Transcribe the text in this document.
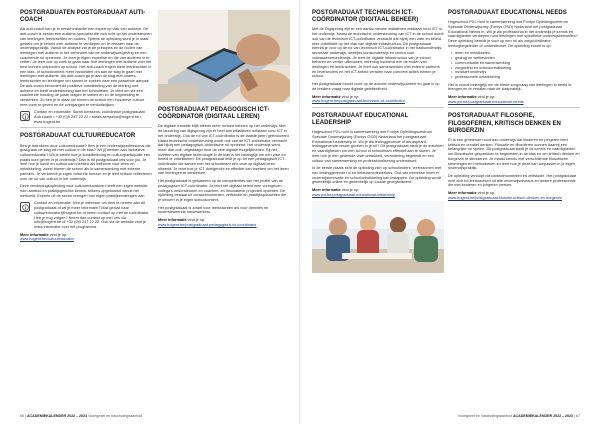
POSTGRADUATEN POSTGRADUAAT AUTI-COACH

Als auti-coach ben je in eerste instantie een expert op vlak van autisme. De auti-coach is eerder een autisme-specialist die zich richt op het ondersteunen van leerlingen, leerkrachten en ouders. Tijdens de opleiding word je in staat gesteld om je kennis over autisme te verdiepen en te vertalen naar de onderwijspraktijk. Vanuit de analyse zal je de principes en de noden van leerlingen met autisme in het verbinden van de onderwijsomgeving en een coachende rol opnemen. Je leert je eigen expertise en die van anderen in te zetten. Je leert ook op zoek te gaan naar hoe leerlingen met autisme zich het best kunnen ontplooien op school. Het auti-coach traject biedt leerkrachten in een klas- of schoolcontext meer handvaten om aan de slag te gaan met leerlingen met autisme. Als auti-coach ga je aan de slag met ouders, leerkrachten en leerlingen om samen te zoeken naar een passende aanpak. De auti-coach bevordert de positieve ontwikkeling van de leerling met autisme en biedt ondersteuning aan het schoolteam. Je leert om via een coachende houding de juiste vragen te stellen en zo de begeleiding te versterken. Zo ben je in staat om binnen de school een inclusieve cultuur mee vorm te geven en de overgangen te verduidelijken.

Contact en informatie: Sarah Aerssens, coördinator postgraduaat Auti-coach • +32 (0)9 247 22 22 • sarah.aerssens@hogent.be • www.hogent.be

POSTGRADUAAT CULTUUREDUCATOR

Ben je betrokken door cultuureducatie? Ben je een onderwijsprofessional die graag aan de slag wil met cultuur in de klas? Wil jij werken aan inclusieve cultuureducatie? Wil je weten hoe je kunstbeleving en cultuurparticipatie een plaats kunt geven in je onderwijs? Dan is dit postgraduaat iets voor jou. Je leert hoe je kunst en cultuur kan inzetten als hefboom voor leren en ontwikkeling, zowel binnen de school als in samenwerking met externe partners. Je verbreedt je eigen culturele horizon en je leert kritisch reflecteren over de rol van cultuur in het onderwijs.

Deze verdiepingsopleiding voor cultuureducatoren heeft een eigen website: ruim aanbod en praktijkgerichte kennis, telkens opgebouwd vanuit het werkveld. Experts uit de sector brengen hun eigen praktijkervaringen aan.

Contact en informatie: Heb je interesse om deel te nemen aan dit postgraduaat of wil je meer informatie? Mail gerust naar cultuureducator@hogent.be of neem contact op met de coördinator. Heb je nog vragen? Neem dan contact op met ons via info@hogent.be of +32 (0)9 247 22 22. Ook via de website vind je extra informatie over het programma.

Meer informatie vind je op:
www.hogent.be/cultuureducator
POSTGRADUAAT PEDAGOGISCH ICT-COÖRDINATOR (DIGITAAL LEREN)

De digitale transitie blijft steeds meer invloed hebben op het onderwijs. Met de lancering van digisprong zijn er heel wat initiatieven ontstaan rond ICT in het onderwijs. Ook de rol van ICT-coördinator is de laatste jaren geëvolueerd. Naast technische ondersteuning wordt ook van de ICT-coördinator verwacht dat hij/zij een pedagogisch-didactische rol opneemt. Het onderwijs werd, meer dan ooit, uitgedaagd door de vele digitale mogelijkheden. Bij het inzetten van digitale technologie in de klas is het belangrijk om een visie en beleid te ontwikkelen. Dit postgraduaat leidt je op tot een pedagogisch ICT-coördinator die samen met het schoolteam een visie op digitaal leren uitwerkt. Je leert hoe je ICT doelgericht en effectief kan inzetten om het leren van leerlingen te versterken.

Het postgraduaat is gebaseerd op de competenties van het profiel van de pedagogisch ICT-coördinator. Je leert het digitaal beleid mee vormgeven, collega's ondersteunen en coachen, en innovatieve projecten opzetten. De opleiding bestaat uit contactmomenten, zelfstudie en praktijkopdrachten die je uitvoert in je eigen schoolcontext.

Het postgraduaat is zowel voor leerkrachten als voor directies en ondersteunende medewerkers.

Meer informatie vind je op:
www.hogent.be/postgraduaat-pedagogisch-ict-coordinator
POSTGRADUAAT TECHNISCH ICT-COÖRDINATOR (DIGITAAL BEHEER)

Met de Digisprong zijn er een aantal nieuwe initiatieven ontstaan rond ICT in het onderwijs. Naast de technische ondersteuning van ICT in de school wordt ook van de technisch ICT-coördinator verwacht dat hij/zij een visie en beleid mee ontwikkelt op het vlak van digitale infrastructuur. Dit postgraduaat bereidt je voor op de rol van technisch ICT-coördinator in het basisonderwijs, secundair onderwijs, deeltijds kunstonderwijs en centra voor volwassenenonderwijs. Je leert de digitale infrastructuur van je school beheren en verder uitbouwen, rekening houdend met de noden van leerlingen en leerkrachten. Je leert ook samenwerken met externe partners en leveranciers en het ICT-beleid vertalen naar concrete acties binnen je school.

Het postgraduaat bouwt voort op de actuele onderwijscontext en gaat in op de bredere vraag naar digitale geletterdheid.

Meer informatie vind je op:
www.hogent.be/postgraduaat-technisch-ict-coordinator
POSTGRADUAAT EDUCATIONAL LEADERSHIP

Hogeschool PXL richt in samenwerking met Fontys Opleidingscentrum Speciale Onderwijszorg (Fontys OSO) Nederland het postgraduaat Educational Leadership in. Wil je als leidinggevende of als aspirant-leidinggevende verder groeien in je rol? Dit postgraduaat biedt je de inzichten en vaardigheden om een school of schoolteam effectief aan te sturen. Je leert hoe je een gedeelde visie ontwikkelt, verandering begeleidt en een cultuur van samenwerking en professionalisering ondersteunt.

In de eerste plaats richt de opleiding zich op schoolleiders, leerkrachten met een leidinggevende rol en beleidsmedewerkers. Ook wie interesse heeft in onderwijsinnovatie en schoolontwikkeling kan instappen. De opleiding wordt gedeeltelijk online en gedeeltelijk op locatie georganiseerd.

Meer informatie vind je op:
www.pxl.be/postgraduaat-educational-leadership
POSTGRADUAAT EDUCATIONAL NEEDS

Hogeschool PXL richt in samenwerking met Fontys Opleidingscentrum Speciale Onderwijszorg (Fontys OSO) Nederland het postgraduaat Educational Needs in. Wil je als professional in het onderwijs je kennis en vaardigheden verdiepen rond leerlingen met specifieke onderwijsbehoeften? Deze opleiding bereidt je voor op een rol als zorgcoördinator, leerlingbegeleider of ondersteuner. De opleiding zoomt in op:

• leren en ontwikkelen
• gedrag en welbevinden
• communicatie en samenwerking
• zorgbeleid en schoolontwikkeling
• inclusief onderwijs
• professionele ontwikkeling

Het is vooral belangrijk om de brede zorgvraag van leerlingen in beeld te brengen en te vertalen naar de klaspraktijk.

Meer informatie vind je op:
www.pxl.be/postgraduaat-educational-needs
POSTGRADUAAT FILOSOFIE, FILOSOFEREN, KRITISCH DENKEN EN BURGERZIN

Er is een groeiende nood aan onderwijs dat kinderen en jongeren leert kritisch en creatief denken. Filosofie en filosoferen kunnen daarbij een belangrijke rol spelen. Dit postgraduaat biedt je de kennis en vaardigheden om filosofische gesprekken te begeleiden in de klas en om kritisch denken en burgerzin te stimuleren. Je maakt kennis met verschillende filosofische stromingen en methodieken en leert hoe je deze kan toepassen in je eigen onderwijspraktijk.

De opleiding verloopt via contactmomenten en zelfstudie. Het postgraduaat richt zich tot leerkrachten uit alle onderwijsniveaus en andere professionals die met kinderen en jongeren werken.

Meer informatie vind je op:
www.hogent.be/postgraduaat-filosofie-kritisch-denken-en-burgerzin
66 | ACADEMIEKALENDER 2022 – 2023 Voortgezet en nascholingsaanbod	Voortgezet en nascholingsaanbod ACADEMIEKALENDER 2022 – 2023 | 67
